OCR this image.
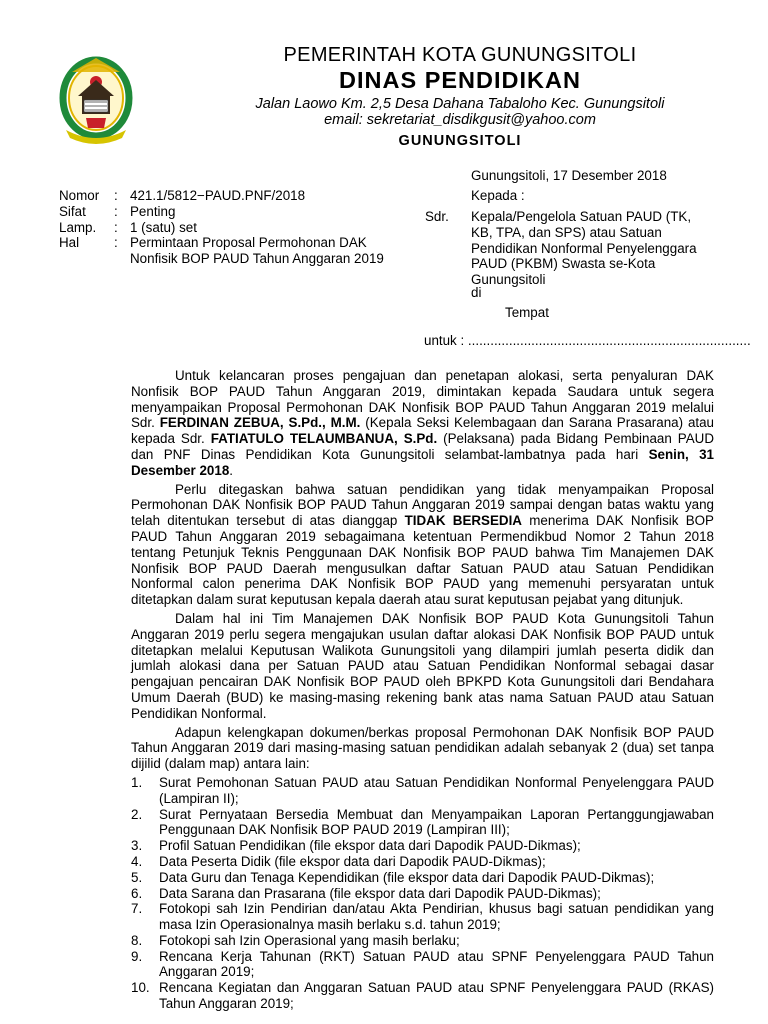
PEMERINTAH KOTA GUNUNGSITOLI
DINAS PENDIDIKAN
Jalan Laowo Km. 2,5 Desa Dahana Tabaloho Kec. Gunungsitoli
email: sekretariat_disdikgusit@yahoo.com
GUNUNGSITOLI
Gunungsitoli, 17 Desember 2018
Kepada :
Sdr. Kepala/Pengelola Satuan PAUD (TK, KB, TPA, dan SPS) atau Satuan Pendidikan Nonformal Penyelenggara PAUD (PKBM) Swasta se-Kota Gunungsitoli
di
Tempat
untuk : ............................................................................
Nomor	:	421.1/5812−PAUD.PNF/2018
Sifat	:	Penting
Lamp.	:	1 (satu) set
Hal	:	Permintaan Proposal Permohonan DAK Nonfisik BOP PAUD Tahun Anggaran 2019

Untuk kelancaran proses pengajuan dan penetapan alokasi, serta penyaluran DAK Nonfisik BOP PAUD Tahun Anggaran 2019, dimintakan kepada Saudara untuk segera menyampaikan Proposal Permohonan DAK Nonfisik BOP PAUD Tahun Anggaran 2019 melalui Sdr. FERDINAN ZEBUA, S.Pd., M.M. (Kepala Seksi Kelembagaan dan Sarana Prasarana) atau kepada Sdr. FATIATULO TELAUMBANUA, S.Pd. (Pelaksana) pada Bidang Pembinaan PAUD dan PNF Dinas Pendidikan Kota Gunungsitoli selambat-lambatnya pada hari Senin, 31 Desember 2018.

Perlu ditegaskan bahwa satuan pendidikan yang tidak menyampaikan Proposal Permohonan DAK Nonfisik BOP PAUD Tahun Anggaran 2019 sampai dengan batas waktu yang telah ditentukan tersebut di atas dianggap TIDAK BERSEDIA menerima DAK Nonfisik BOP PAUD Tahun Anggaran 2019 sebagaimana ketentuan Permendikbud Nomor 2 Tahun 2018 tentang Petunjuk Teknis Penggunaan DAK Nonfisik BOP PAUD bahwa Tim Manajemen DAK Nonfisik BOP PAUD Daerah mengusulkan daftar Satuan PAUD atau Satuan Pendidikan Nonformal calon penerima DAK Nonfisik BOP PAUD yang memenuhi persyaratan untuk ditetapkan dalam surat keputusan kepala daerah atau surat keputusan pejabat yang ditunjuk.

Dalam hal ini Tim Manajemen DAK Nonfisik BOP PAUD Kota Gunungsitoli Tahun Anggaran 2019 perlu segera mengajukan usulan daftar alokasi DAK Nonfisik BOP PAUD untuk ditetapkan melalui Keputusan Walikota Gunungsitoli yang dilampiri jumlah peserta didik dan jumlah alokasi dana per Satuan PAUD atau Satuan Pendidikan Nonformal sebagai dasar pengajuan pencairan DAK Nonfisik BOP PAUD oleh BPKPD Kota Gunungsitoli dari Bendahara Umum Daerah (BUD) ke masing-masing rekening bank atas nama Satuan PAUD atau Satuan Pendidikan Nonformal.

Adapun kelengkapan dokumen/berkas proposal Permohonan DAK Nonfisik BOP PAUD Tahun Anggaran 2019 dari masing-masing satuan pendidikan adalah sebanyak 2 (dua) set tanpa dijilid (dalam map) antara lain:

1.	Surat Pemohonan Satuan PAUD atau Satuan Pendidikan Nonformal Penyelenggara PAUD (Lampiran II);
2.	Surat Pernyataan Bersedia Membuat dan Menyampaikan Laporan Pertanggungjawaban Penggunaan DAK Nonfisik BOP PAUD 2019 (Lampiran III);
3.	Profil Satuan Pendidikan (file ekspor data dari Dapodik PAUD-Dikmas);
4.	Data Peserta Didik (file ekspor data dari Dapodik PAUD-Dikmas);
5.	Data Guru dan Tenaga Kependidikan (file ekspor data dari Dapodik PAUD-Dikmas);
6.	Data Sarana dan Prasarana (file ekspor data dari Dapodik PAUD-Dikmas);
7.	Fotokopi sah Izin Pendirian dan/atau Akta Pendirian, khusus bagi satuan pendidikan yang masa Izin Operasionalnya masih berlaku s.d. tahun 2019;
8.	Fotokopi sah Izin Operasional yang masih berlaku;
9.	Rencana Kerja Tahunan (RKT) Satuan PAUD atau SPNF Penyelenggara PAUD Tahun Anggaran 2019;
10. Rencana Kegiatan dan Anggaran Satuan PAUD atau SPNF Penyelenggara PAUD (RKAS) Tahun Anggaran 2019;
